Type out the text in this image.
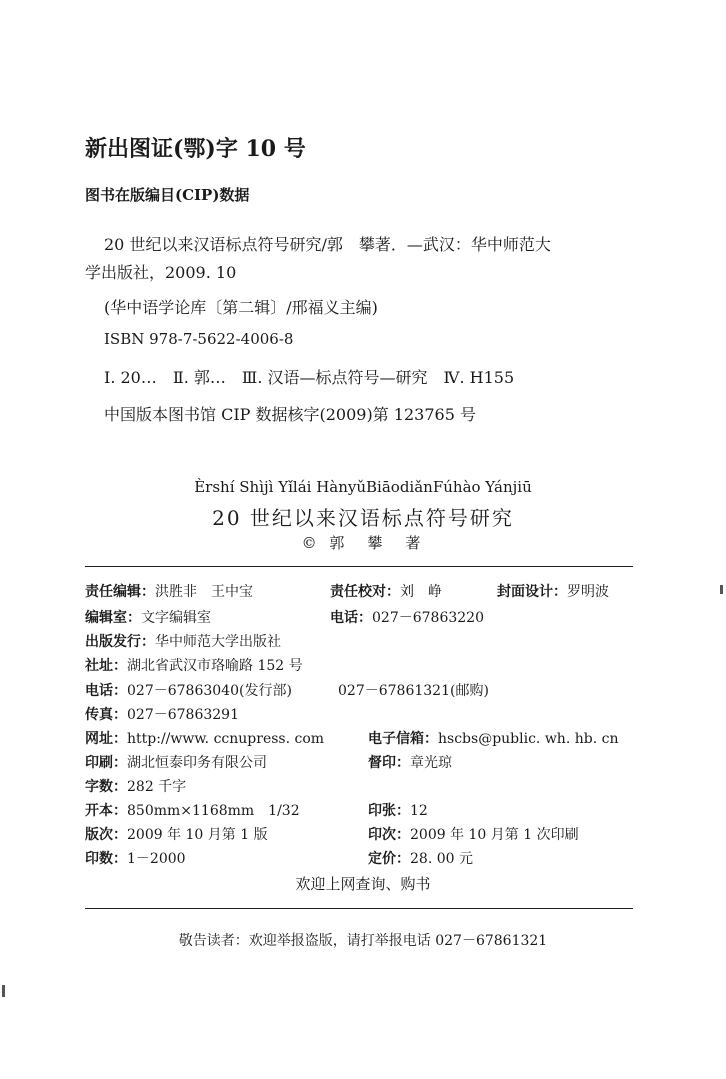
新出图证(鄂)字 10 号
图书在版编目(CIP)数据
20 世纪以来汉语标点符号研究/郭　攀著．—武汉：华中师范大
学出版社，2009. 10
(华中语学论库〔第二辑〕/邢福义主编)
ISBN 978-7-5622-4006-8
Ⅰ. 20…　Ⅱ. 郭…　Ⅲ. 汉语—标点符号—研究　Ⅳ. H155
中国版本图书馆 CIP 数据核字(2009)第 123765 号
Èrshí Shìjì Yǐlái HànyǔBiāodiǎnFúhào Yánjiū
20 世纪以来汉语标点符号研究
© 郭　攀　著
责任编辑：洪胜非　王中宝	责任校对：刘　峥	封面设计：罗明波
编辑室：文字编辑室	电话：027－67863220
出版发行：华中师范大学出版社
社址：湖北省武汉市珞喻路 152 号
电话：027－67863040(发行部)	027－67861321(邮购)
传真：027－67863291
网址：http://www. ccnupress. com	电子信箱：hscbs@public. wh. hb. cn
印刷：湖北恒泰印务有限公司	督印：章光琼
字数：282 千字
开本：850mm×1168mm　1/32	印张：12
版次：2009 年 10 月第 1 版	印次：2009 年 10 月第 1 次印刷
印数：1－2000	定价：28. 00 元
欢迎上网查询、购书
敬告读者：欢迎举报盗版，请打举报电话 027－67861321
